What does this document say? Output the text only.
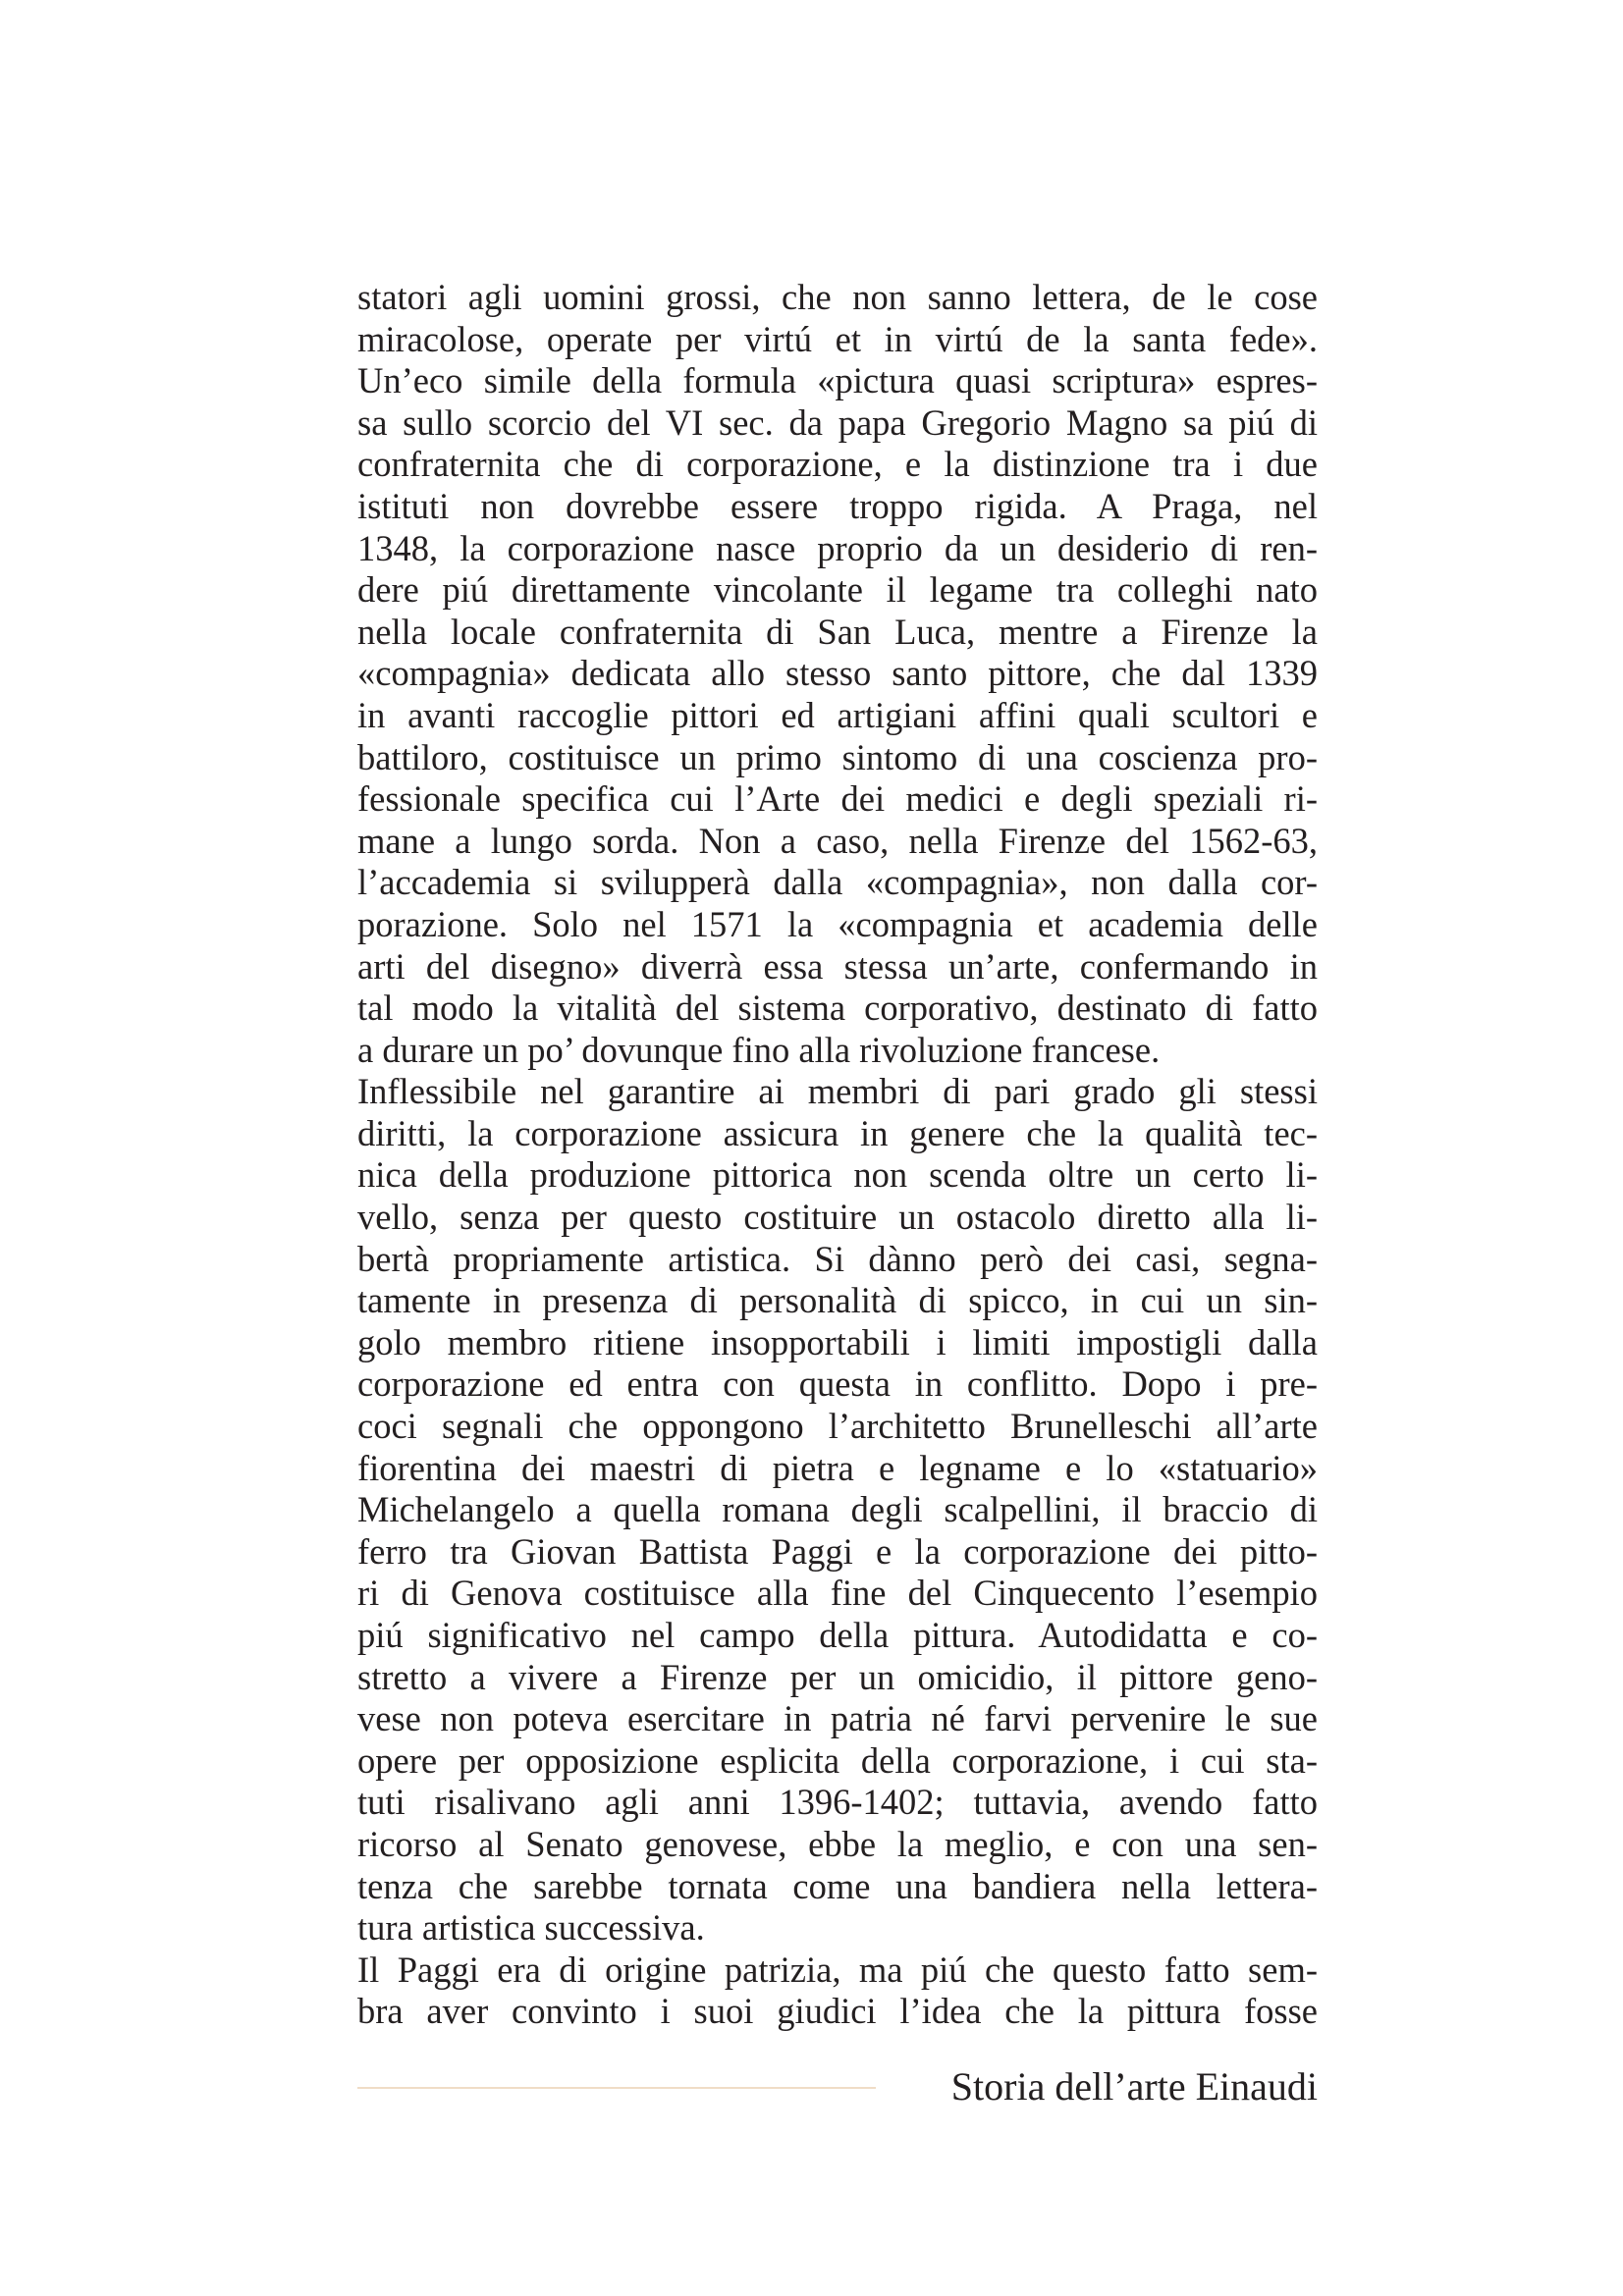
statori agli uomini grossi, che non sanno lettera, de le cose
miracolose, operate per virtú et in virtú de la santa fede».
Un’eco simile della formula «pictura quasi scriptura» espres-
sa sullo scorcio del VI sec. da papa Gregorio Magno sa piú di
confraternita che di corporazione, e la distinzione tra i due
istituti non dovrebbe essere troppo rigida. A Praga, nel
1348, la corporazione nasce proprio da un desiderio di ren-
dere piú direttamente vincolante il legame tra colleghi nato
nella locale confraternita di San Luca, mentre a Firenze la
«compagnia» dedicata allo stesso santo pittore, che dal 1339
in avanti raccoglie pittori ed artigiani affini quali scultori e
battiloro, costituisce un primo sintomo di una coscienza pro-
fessionale specifica cui l’Arte dei medici e degli speziali ri-
mane a lungo sorda. Non a caso, nella Firenze del 1562-63,
l’accademia si svilupperà dalla «compagnia», non dalla cor-
porazione. Solo nel 1571 la «compagnia et academia delle
arti del disegno» diverrà essa stessa un’arte, confermando in
tal modo la vitalità del sistema corporativo, destinato di fatto
a durare un po’ dovunque fino alla rivoluzione francese.
Inflessibile nel garantire ai membri di pari grado gli stessi
diritti, la corporazione assicura in genere che la qualità tec-
nica della produzione pittorica non scenda oltre un certo li-
vello, senza per questo costituire un ostacolo diretto alla li-
bertà propriamente artistica. Si dànno però dei casi, segna-
tamente in presenza di personalità di spicco, in cui un sin-
golo membro ritiene insopportabili i limiti impostigli dalla
corporazione ed entra con questa in conflitto. Dopo i pre-
coci segnali che oppongono l’architetto Brunelleschi all’arte
fiorentina dei maestri di pietra e legname e lo «statuario»
Michelangelo a quella romana degli scalpellini, il braccio di
ferro tra Giovan Battista Paggi e la corporazione dei pitto-
ri di Genova costituisce alla fine del Cinquecento l’esempio
piú significativo nel campo della pittura. Autodidatta e co-
stretto a vivere a Firenze per un omicidio, il pittore geno-
vese non poteva esercitare in patria né farvi pervenire le sue
opere per opposizione esplicita della corporazione, i cui sta-
tuti risalivano agli anni 1396-1402; tuttavia, avendo fatto
ricorso al Senato genovese, ebbe la meglio, e con una sen-
tenza che sarebbe tornata come una bandiera nella lettera-
tura artistica successiva.
Il Paggi era di origine patrizia, ma piú che questo fatto sem-
bra aver convinto i suoi giudici l’idea che la pittura fosse
Storia dell’arte Einaudi
